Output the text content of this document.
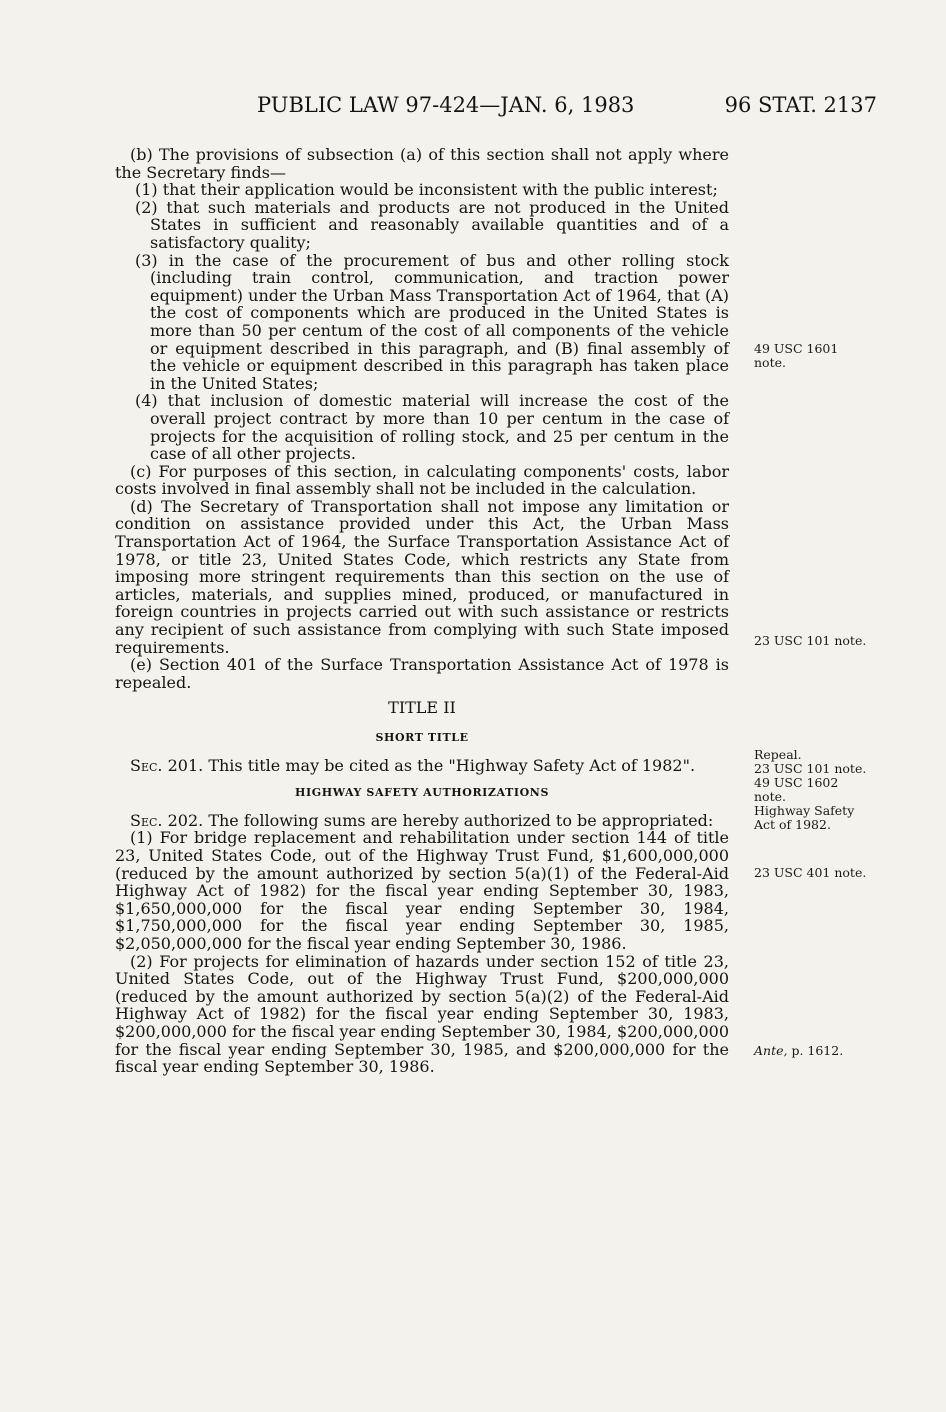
PUBLIC LAW 97-424—JAN. 6, 1983	96 STAT. 2137

(b) The provisions of subsection (a) of this section shall not apply where the Secretary finds—

(1) that their application would be inconsistent with the public interest;

(2) that such materials and products are not produced in the United States in sufficient and reasonably available quantities and of a satisfactory quality;

(3) in the case of the procurement of bus and other rolling stock (including train control, communication, and traction power equipment) under the Urban Mass Transportation Act of 1964, that (A) the cost of components which are produced in the United States is more than 50 per centum of the cost of all components of the vehicle or equipment described in this paragraph, and (B) final assembly of the vehicle or equipment described in this paragraph has taken place in the United States;

(4) that inclusion of domestic material will increase the cost of the overall project contract by more than 10 per centum in the case of projects for the acquisition of rolling stock, and 25 per centum in the case of all other projects.

(c) For purposes of this section, in calculating components' costs, labor costs involved in final assembly shall not be included in the calculation.

(d) The Secretary of Transportation shall not impose any limitation or condition on assistance provided under this Act, the Urban Mass Transportation Act of 1964, the Surface Transportation Assistance Act of 1978, or title 23, United States Code, which restricts any State from imposing more stringent requirements than this section on the use of articles, materials, and supplies mined, produced, or manufactured in foreign countries in projects carried out with such assistance or restricts any recipient of such assistance from complying with such State imposed requirements.

(e) Section 401 of the Surface Transportation Assistance Act of 1978 is repealed.

TITLE II

SHORT TITLE

Sec. 201. This title may be cited as the "Highway Safety Act of 1982".

HIGHWAY SAFETY AUTHORIZATIONS

Sec. 202. The following sums are hereby authorized to be appropriated:

(1) For bridge replacement and rehabilitation under section 144 of title 23, United States Code, out of the Highway Trust Fund, $1,600,000,000 (reduced by the amount authorized by section 5(a)(1) of the Federal-Aid Highway Act of 1982) for the fiscal year ending September 30, 1983, $1,650,000,000 for the fiscal year ending September 30, 1984, $1,750,000,000 for the fiscal year ending September 30, 1985, $2,050,000,000 for the fiscal year ending September 30, 1986.

(2) For projects for elimination of hazards under section 152 of title 23, United States Code, out of the Highway Trust Fund, $200,000,000 (reduced by the amount authorized by section 5(a)(2) of the Federal-Aid Highway Act of 1982) for the fiscal year ending September 30, 1983, $200,000,000 for the fiscal year ending September 30, 1984, $200,000,000 for the fiscal year ending September 30, 1985, and $200,000,000 for the fiscal year ending September 30, 1986.

49 USC 1601
note.
23 USC 101 note.
Repeal.
23 USC 101 note.
49 USC 1602
note.
Highway Safety
Act of 1982.
23 USC 401 note.
Ante, p. 1612.
